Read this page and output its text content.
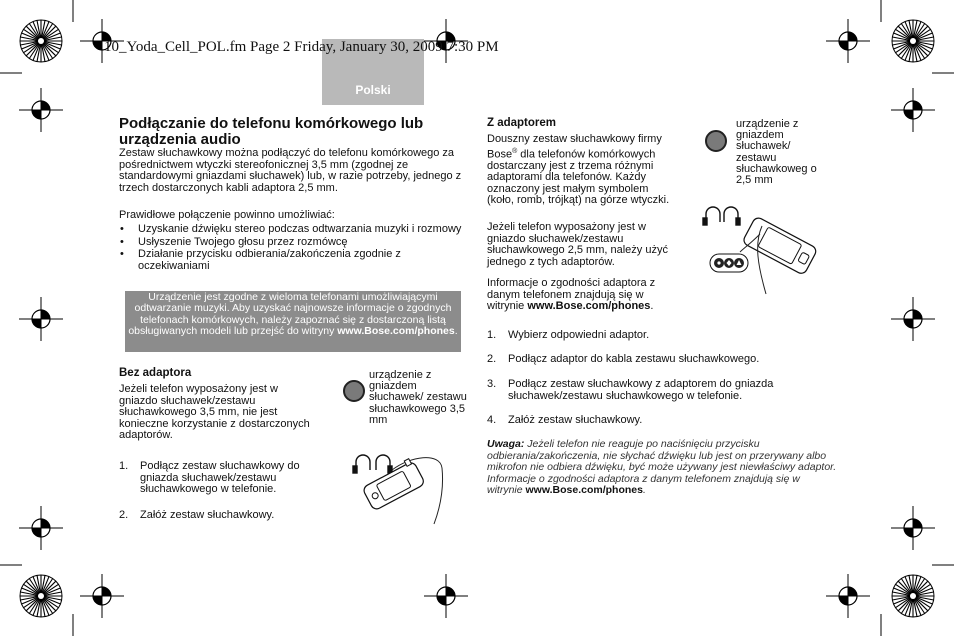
Polski
10_Yoda_Cell_POL.fm Page 2 Friday, January 30, 2009 7:30 PM
Podłączanie do telefonu komórkowego lub urządzenia audio
Zestaw słuchawkowy można podłączyć do telefonu komórkowego za pośrednictwem wtyczki stereofonicznej 3,5 mm (zgodnej ze standardowymi gniazdami słuchawek) lub, w razie potrzeby, jednego z trzech dostarczonych kabli adaptora 2,5 mm.
Prawidłowe połączenie powinno umożliwiać:
• Uzyskanie dźwięku stereo podczas odtwarzania muzyki i rozmowy
• Usłyszenie Twojego głosu przez rozmówcę
• Działanie przycisku odbierania/zakończenia zgodnie z oczekiwaniami
Urządzenie jest zgodne z wieloma telefonami umożliwiającymi odtwarzanie muzyki. Aby uzyskać najnowsze informacje o zgodnych telefonach komórkowych, należy zapoznać się z dostarczoną listą obsługiwanych modeli lub przejść do witryny www.Bose.com/phones.
Bez adaptora
Jeżeli telefon wyposażony jest w gniazdo słuchawek/zestawu słuchawkowego 3,5 mm, nie jest konieczne korzystanie z dostarczonych adaptorów.
urządzenie z gniazdem słuchawek/ zestawu słuchawkowego 3,5 mm
1. Podłącz zestaw słuchawkowy do gniazda słuchawek/zestawu słuchawkowego w telefonie.
2. Załóż zestaw słuchawkowy.
Z adaptorem
Douszny zestaw słuchawkowy firmy Bose® dla telefonów komórkowych dostarczany jest z trzema różnymi adaptorami dla telefonów. Każdy oznaczony jest małym symbolem (koło, romb, trójkąt) na górze wtyczki.
Jeżeli telefon wyposażony jest w gniazdo słuchawek/zestawu słuchawkowego 2,5 mm, należy użyć jednego z tych adaptorów.
Informacje o zgodności adaptora z danym telefonem znajdują się w witrynie www.Bose.com/phones.
urządzenie z gniazdem słuchawek/ zestawu słuchawkoweg o 2,5 mm
1. Wybierz odpowiedni adaptor.
2. Podłącz adaptor do kabla zestawu słuchawkowego.
3. Podłącz zestaw słuchawkowy z adaptorem do gniazda słuchawek/zestawu słuchawkowego w telefonie.
4. Załóż zestaw słuchawkowy.
Uwaga: Jeżeli telefon nie reaguje po naciśnięciu przycisku odbierania/zakończenia, nie słychać dźwięku lub jest on przerywany albo mikrofon nie odbiera dźwięku, być może używany jest niewłaściwy adaptor. Informacje o zgodności adaptora z danym telefonem znajdują się w witrynie www.Bose.com/phones.
